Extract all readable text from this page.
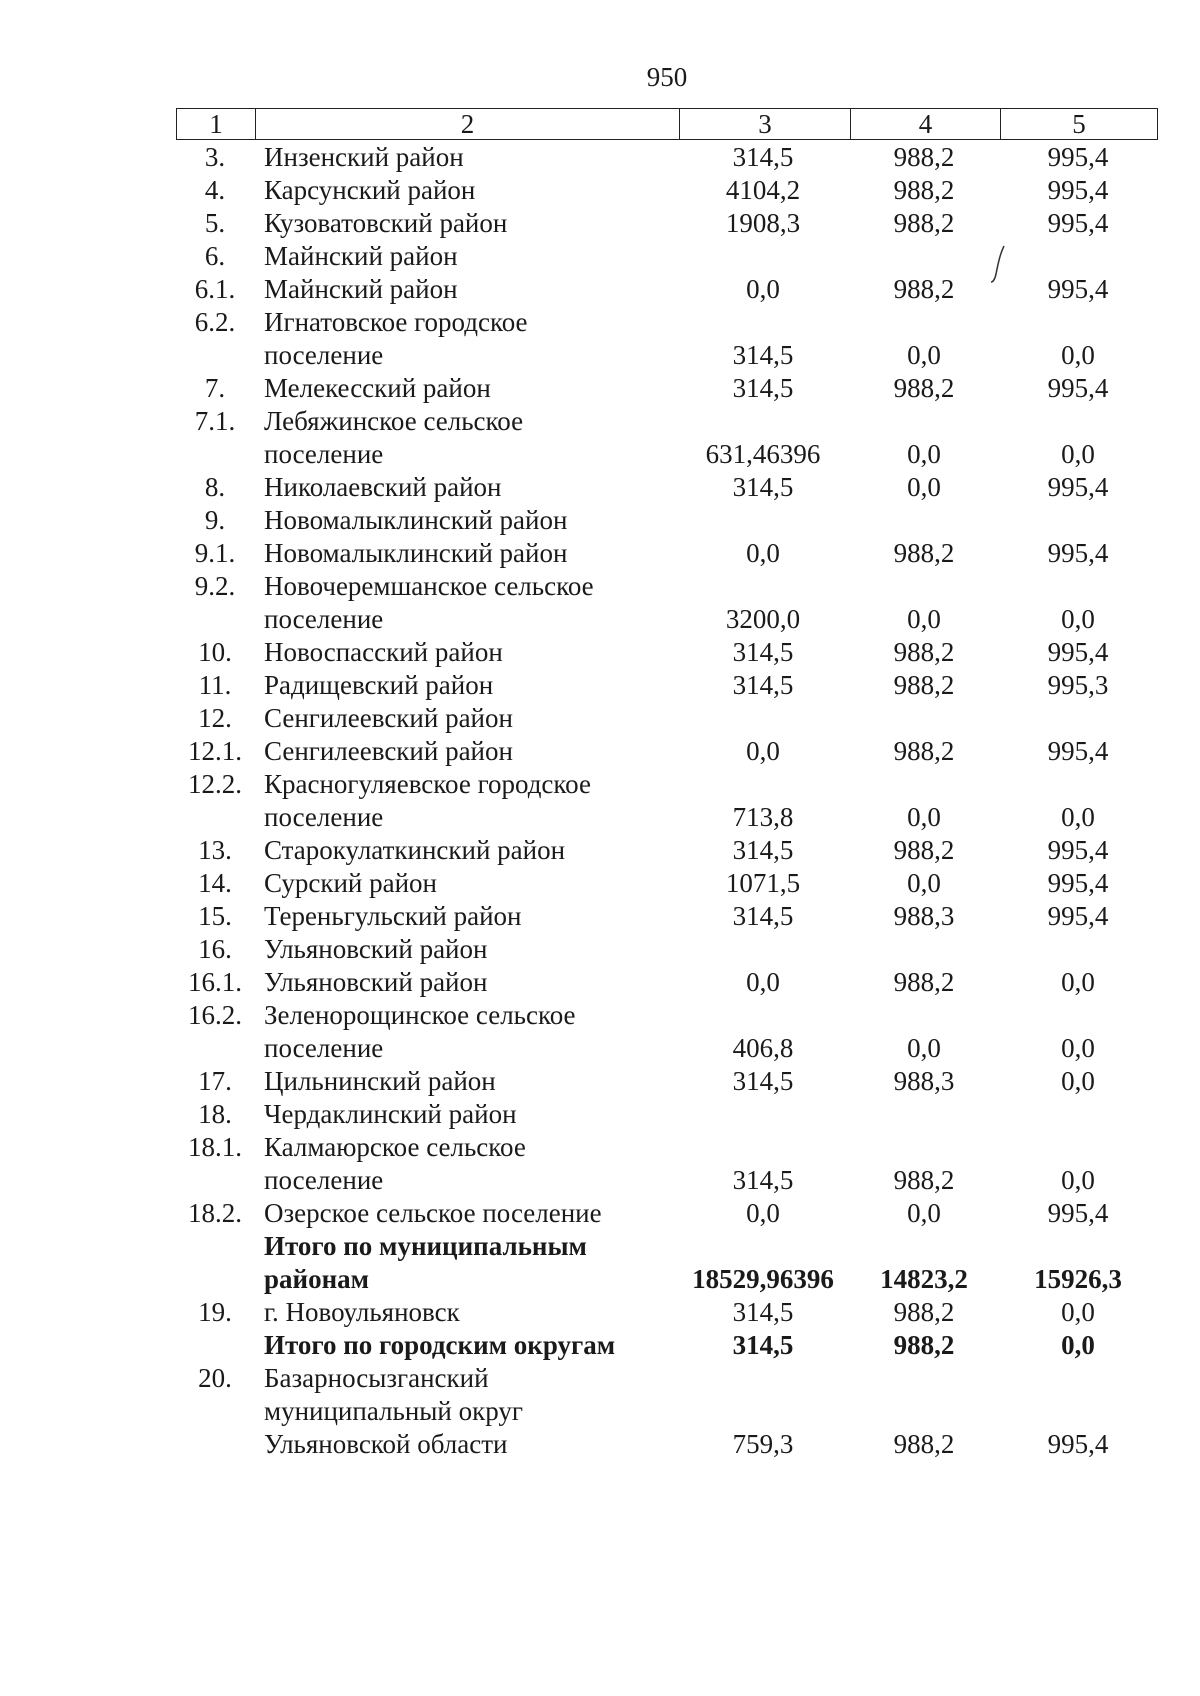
950
1	2	3	4	5
3.	Инзенский район	314,5	988,2	995,4
4.	Карсунский район	4104,2	988,2	995,4
5.	Кузоватовский район	1908,3	988,2	995,4
6.	Майнский район
6.1.	Майнский район	0,0	988,2	995,4
6.2.	Игнатовское городское
поселение	314,5	0,0	0,0
7.	Мелекесский район	314,5	988,2	995,4
7.1.	Лебяжинское сельское
поселение	631,46396	0,0	0,0
8.	Николаевский район	314,5	0,0	995,4
9.	Новомалыклинский район
9.1.	Новомалыклинский район	0,0	988,2	995,4
9.2.	Новочеремшанское сельское
поселение	3200,0	0,0	0,0
10.	Новоспасский район	314,5	988,2	995,4
11.	Радищевский район	314,5	988,2	995,3
12.	Сенгилеевский район
12.1. Сенгилеевский район	0,0	988,2	995,4
12.2. Красногуляевское городское
поселение	713,8	0,0	0,0
13.	Старокулаткинский район	314,5	988,2	995,4
14.	Сурский район	1071,5	0,0	995,4
15.	Тереньгульский район	314,5	988,3	995,4
16.	Ульяновский район
16.1. Ульяновский район	0,0	988,2	0,0
16.2. Зеленорощинское сельское
поселение	406,8	0,0	0,0
17.	Цильнинский район	314,5	988,3	0,0
18.	Чердаклинский район
18.1. Калмаюрское сельское
поселение	314,5	988,2	0,0
18.2. Озерское сельское поселение	0,0	0,0	995,4
Итого по муниципальным
районам	18529,96396	14823,2	15926,3
19.	г. Новоульяновск	314,5	988,2	0,0
Итого по городским округам	314,5	988,2	0,0
20.	Базарносызганский
муниципальный округ
Ульяновской области	759,3	988,2	995,4
